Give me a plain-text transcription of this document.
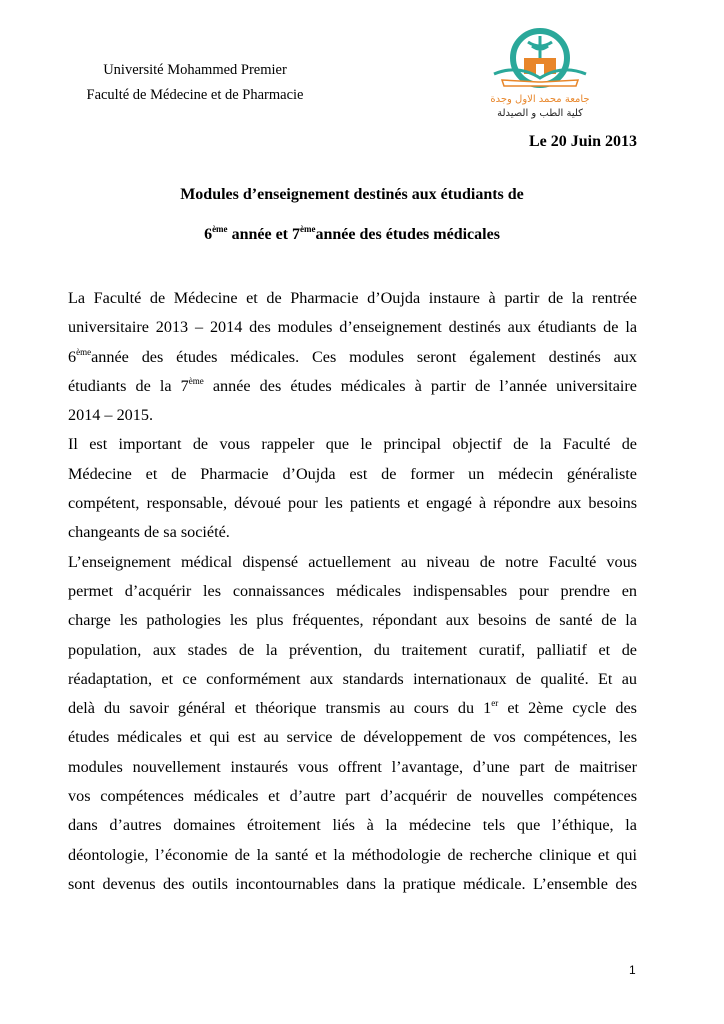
Université Mohammed Premier
Faculté de Médecine et de Pharmacie	جامعة محمد الاول وجدة
كلية الطب و الصيدلة
Le 20 Juin 2013
Modules d’enseignement destinés aux étudiants de
6ème année et 7èmeannée des études médicales
La Faculté de Médecine et de Pharmacie d’Oujda instaure à partir de la rentrée
universitaire 2013 – 2014 des modules d’enseignement destinés aux étudiants de la
6èmeannée des études médicales. Ces modules seront également destinés aux
étudiants de la 7ème année des études médicales à partir de l’année universitaire
2014 – 2015.
Il est important de vous rappeler que le principal objectif de la Faculté de
Médecine et de Pharmacie d’Oujda est de former un médecin généraliste
compétent, responsable, dévoué pour les patients et engagé à répondre aux besoins
changeants de sa société.
L’enseignement médical dispensé actuellement au niveau de notre Faculté vous
permet d’acquérir les connaissances médicales indispensables pour prendre en
charge les pathologies les plus fréquentes, répondant aux besoins de santé de la
population, aux stades de la prévention, du traitement curatif, palliatif et de
réadaptation, et ce conformément aux standards internationaux de qualité. Et au
delà du savoir général et théorique transmis au cours du 1er et 2ème cycle des
études médicales et qui est au service de développement de vos compétences, les
modules nouvellement instaurés vous offrent l’avantage, d’une part de maitriser
vos compétences médicales et d’autre part d’acquérir de nouvelles compétences
dans d’autres domaines étroitement liés à la médecine tels que l’éthique, la
déontologie, l’économie de la santé et la méthodologie de recherche clinique et qui
sont devenus des outils incontournables dans la pratique médicale. L’ensemble des
1
